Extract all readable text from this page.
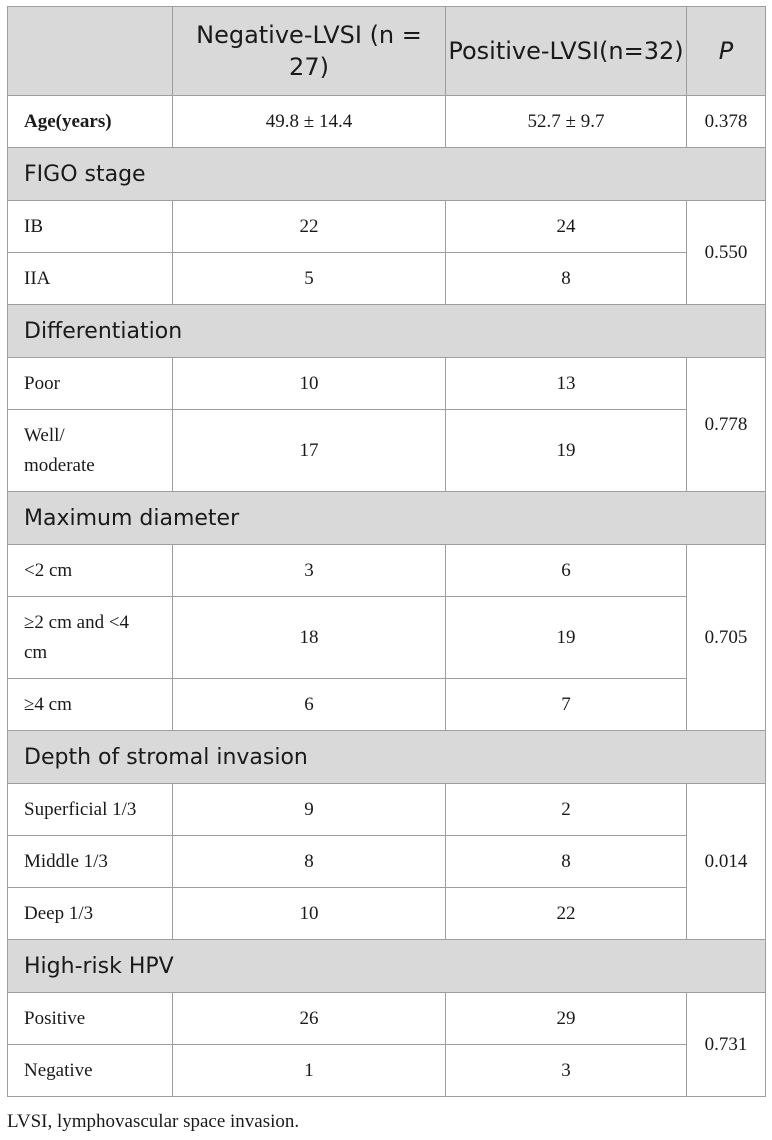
	Negative-LVSI (n = 27)	Positive-LVSI(n=32)	P
Age(years)	49.8 ± 14.4	52.7 ± 9.7	0.378
FIGO stage			
IB	22	24	0.550
IIA	5	8	
Differentiation			
Poor	10	13	0.778
Well/ moderate	17	19	
Maximum diameter			
<2 cm	3	6	0.705
≥2 cm and <4 cm	18	19	
≥4 cm	6	7	
Depth of stromal invasion			
Superficial 1/3	9	2	0.014
Middle 1/3	8	8	
Deep 1/3	10	22	
High-risk HPV			
Positive	26	29	0.731
Negative	1	3	
LVSI, lymphovascular space invasion.
